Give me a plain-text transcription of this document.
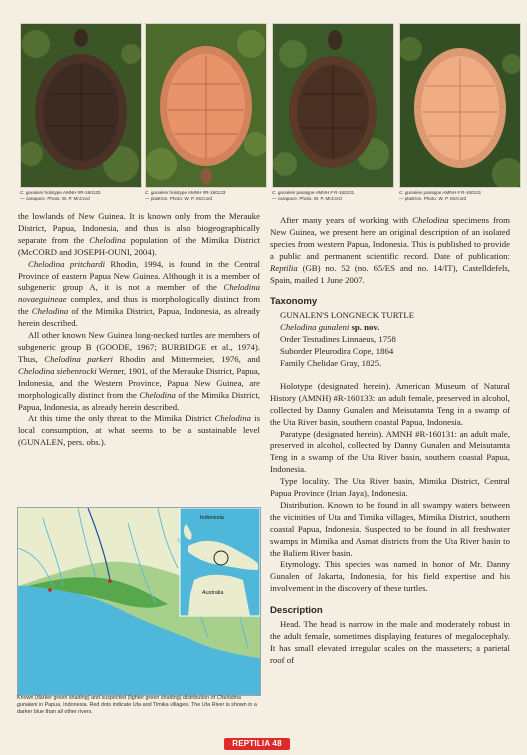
C. gunaleni holotype AMNH #R-160133
— carapace. Photo: W. P. McCord
C. gunaleni holotype AMNH #R-160133
— plastron. Photo: W. P. McCord
C. gunaleni paratype AMNH # R-160131
— carapace. Photo: W. P. McCord
C. gunaleni paratype AMNH # R-160131
— plastron. Photo: W. P. McCord

the lowlands of New Guinea. It is known only from the Merauke District, Papua, Indonesia, and thus is also biogeographically separate from the Chelodina population of the Mimika District (McCORD and JOSEPH-OUNI, 2004).

Chelodina pritchardi Rhodin, 1994, is found in the Central Province of eastern Papua New Guinea. Although it is a member of subgeneric group A, it is not a member of the Chelodina novaeguineae complex, and thus is morphologically distinct from the Chelodina of the Mimika District, Papua, Indonesia, as already herein described.

All other known New Guinea long-necked turtles are members of subgeneric group B (GOODE, 1967; BURBIDGE et al., 1974). Thus, Chelodina parkeri Rhodin and Mittermeier, 1976, and Chelodina siebenrocki Werner, 1901, of the Merauke District, Papua, Indonesia, and the Western Province, Papua New Guinea, are morphologically distinct from the Chelodina of the Mimika District, Papua, Indonesia, as already herein described.

At this time the only threat to the Mimika District Chelodina is local consumption, at what seems to be a sustainable level (GUNALEN, pers. obs.).

Indonesia
Australia
Known (darker green shading) and suspected (lighter green shading) distribution of Chelodina gunaleni in Papua, Indonesia. Red dots indicate Uta and Timika villages. The Uta River is shown in a darker blue than all other rivers.

After many years of working with Chelodina specimens from New Guinea, we present here an original description of an isolated species from western Papua, Indonesia. This is published to provide a public and permanent scientific record. Date of publication: Reptilia (GB) no. 52 (no. 65/ES and no. 14/IT), Castelldefels, Spain, mailed 1 June 2007.

Taxonomy

GUNALEN'S LONGNECK TURTLE

Chelodina gunaleni sp. nov.

Order Testudines Linnaeus, 1758

Suborder Pleurodira Cope, 1864

Family Chelidae Gray, 1825.

Holotype (designated herein). American Museum of Natural History (AMNH) #R-160133: an adult female, preserved in alcohol, collected by Danny Gunalen and Meisutamta Teng in a swamp of the Uta River basin, southern coastal Papua, Indonesia.

Paratype (designated herein). AMNH #R-160131: an adult male, preserved in alcohol, collected by Danny Gunalen and Meisutamta Teng in a swamp of the Uta River basin, southern coastal Papua, Indonesia.

Type locality. The Uta River basin, Mimika District, Central Papua Province (Irian Jaya), Indonesia.

Distribution. Known to be found in all swampy waters between the vicinities of Uta and Timika villages, Mimika District, southern coastal Papua, Indonesia. Suspected to be found in all freshwater swamps in Mimika and Asmat districts from the Uta River basin to the Baliem River basin.

Etymology. This species was named in honor of Mr. Danny Gunalen of Jakarta, Indonesia, for his field expertise and his involvement in the discovery of these turtles.

Description

Head. The head is narrow in the male and moderately robust in the adult female, sometimes displaying features of megalocephaly. It has small elevated irregular scales on the masseters; a parietal roof of

REPTILIA 48
